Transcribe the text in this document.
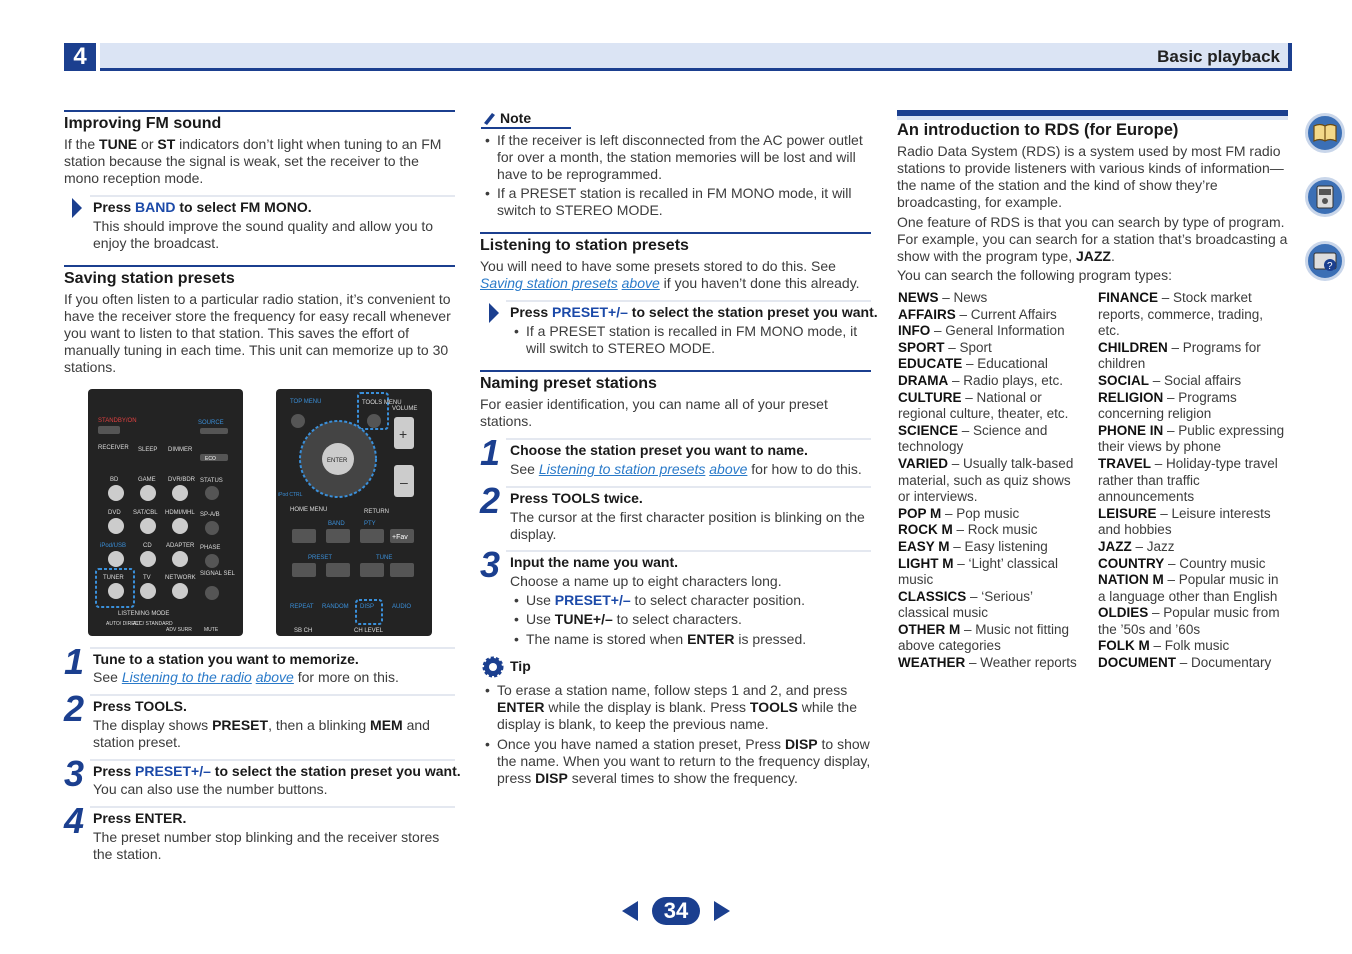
4	Basic playback
Improving FM sound
If the TUNE or ST indicators don’t light when tuning to an FM station because the signal is weak, set the receiver to the mono reception mode.
Press BAND to select FM MONO.
This should improve the sound quality and allow you to enjoy the broadcast.
Saving station presets
If you often listen to a particular radio station, it’s convenient to have the receiver store the frequency for easy recall whenever you want to listen to that station. This saves the effort of manually tuning in each time. This unit can memorize up to 30 stations.
STANDBY/ON	SOURCE
RECEIVER SLEEP DIMMER
ECO
BD	GAME DVR/BDR STATUS
DVD SAT/CBL HDMI/MHL SP-A/B
iPod/USB	CD ADAPTER PHASE
TUNER	TV NETWORK
SIGNAL SEL
LISTENING MODE
AUTO/ DIRECT
ALC/ STANDARD
ADV SURR MUTE
TOP MENU	TOOLS MENU
VOLUME
+
–
ENTER
iPod CTRL
HOME MENU	RETURN
BAND	PTY
+Fav
PRESET	TUNE
REPEAT RANDOM DISP	AUDIO
SB CH	CH LEVEL
1 Tune to a station you want to memorize.
See Listening to the radio above for more on this.
2 Press TOOLS.
The display shows PRESET, then a blinking MEM and station preset.
3 Press PRESET+/– to select the station preset you want.
You can also use the number buttons.
4 Press ENTER.
The preset number stop blinking and the receiver stores the station.
Note
• If the receiver is left disconnected from the AC power outlet for over a month, the station memories will be lost and will have to be reprogrammed.
• If a PRESET station is recalled in FM MONO mode, it will switch to STEREO MODE.
Listening to station presets
You will need to have some presets stored to do this. See Saving station presets above if you haven’t done this already.
Press PRESET+/– to select the station preset you want.
• If a PRESET station is recalled in FM MONO mode, it will switch to STEREO MODE.
Naming preset stations
For easier identification, you can name all of your preset stations.
1 Choose the station preset you want to name.
See Listening to station presets above for how to do this.
2 Press TOOLS twice.
The cursor at the first character position is blinking on the display.
3 Input the name you want.
Choose a name up to eight characters long.
• Use PRESET+/– to select character position.
• Use TUNE+/– to select characters.
• The name is stored when ENTER is pressed.
Tip
• To erase a station name, follow steps 1 and 2, and press ENTER while the display is blank. Press TOOLS while the display is blank, to keep the previous name.
• Once you have named a station preset, Press DISP to show the name. When you want to return to the frequency display, press DISP several times to show the frequency.
An introduction to RDS (for Europe)
Radio Data System (RDS) is a system used by most FM radio stations to provide listeners with various kinds of information—the name of the station and the kind of show they’re broadcasting, for example.
One feature of RDS is that you can search by type of program. For example, you can search for a station that’s broadcasting a show with the program type, JAZZ.
You can search the following program types:
NEWS – News
AFFAIRS – Current Affairs
INFO – General Information
SPORT – Sport
EDUCATE – Educational
DRAMA – Radio plays, etc.
CULTURE – National or regional culture, theater, etc.
SCIENCE – Science and technology
VARIED – Usually talk-based material, such as quiz shows or interviews.
POP M – Pop music
ROCK M – Rock music
EASY M – Easy listening
LIGHT M – ‘Light’ classical music
CLASSICS – ‘Serious’ classical music
OTHER M – Music not fitting above categories
WEATHER – Weather reports
FINANCE – Stock market reports, commerce, trading, etc.
CHILDREN – Programs for children
SOCIAL – Social affairs
RELIGION – Programs concerning religion
PHONE IN – Public expressing their views by phone
TRAVEL – Holiday-type travel rather than traffic announcements
LEISURE – Leisure interests and hobbies
JAZZ – Jazz
COUNTRY – Country music
NATION M – Popular music in a language other than English
OLDIES – Popular music from the ’50s and ’60s
FOLK M – Folk music
DOCUMENT – Documentary
?
34
